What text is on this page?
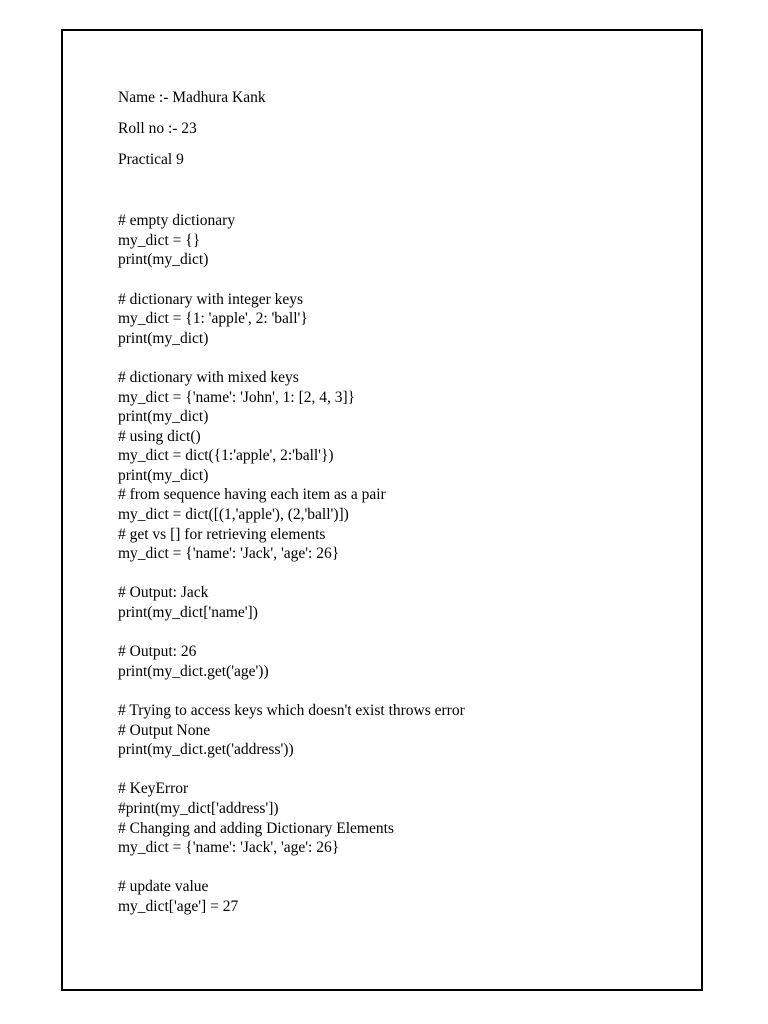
Name :- Madhura Kank
Roll no :- 23
Practical 9
# empty dictionary
my_dict = {}
print(my_dict)
# dictionary with integer keys
my_dict = {1: 'apple', 2: 'ball'}
print(my_dict)
# dictionary with mixed keys
my_dict = {'name': 'John', 1: [2, 4, 3]}
print(my_dict)
# using dict()
my_dict = dict({1:'apple', 2:'ball'})
print(my_dict)
# from sequence having each item as a pair
my_dict = dict([(1,'apple'), (2,'ball')])
# get vs [] for retrieving elements
my_dict = {'name': 'Jack', 'age': 26}
# Output: Jack
print(my_dict['name'])
# Output: 26
print(my_dict.get('age'))
# Trying to access keys which doesn't exist throws error
# Output None
print(my_dict.get('address'))
# KeyError
#print(my_dict['address'])
# Changing and adding Dictionary Elements
my_dict = {'name': 'Jack', 'age': 26}
# update value
my_dict['age'] = 27
